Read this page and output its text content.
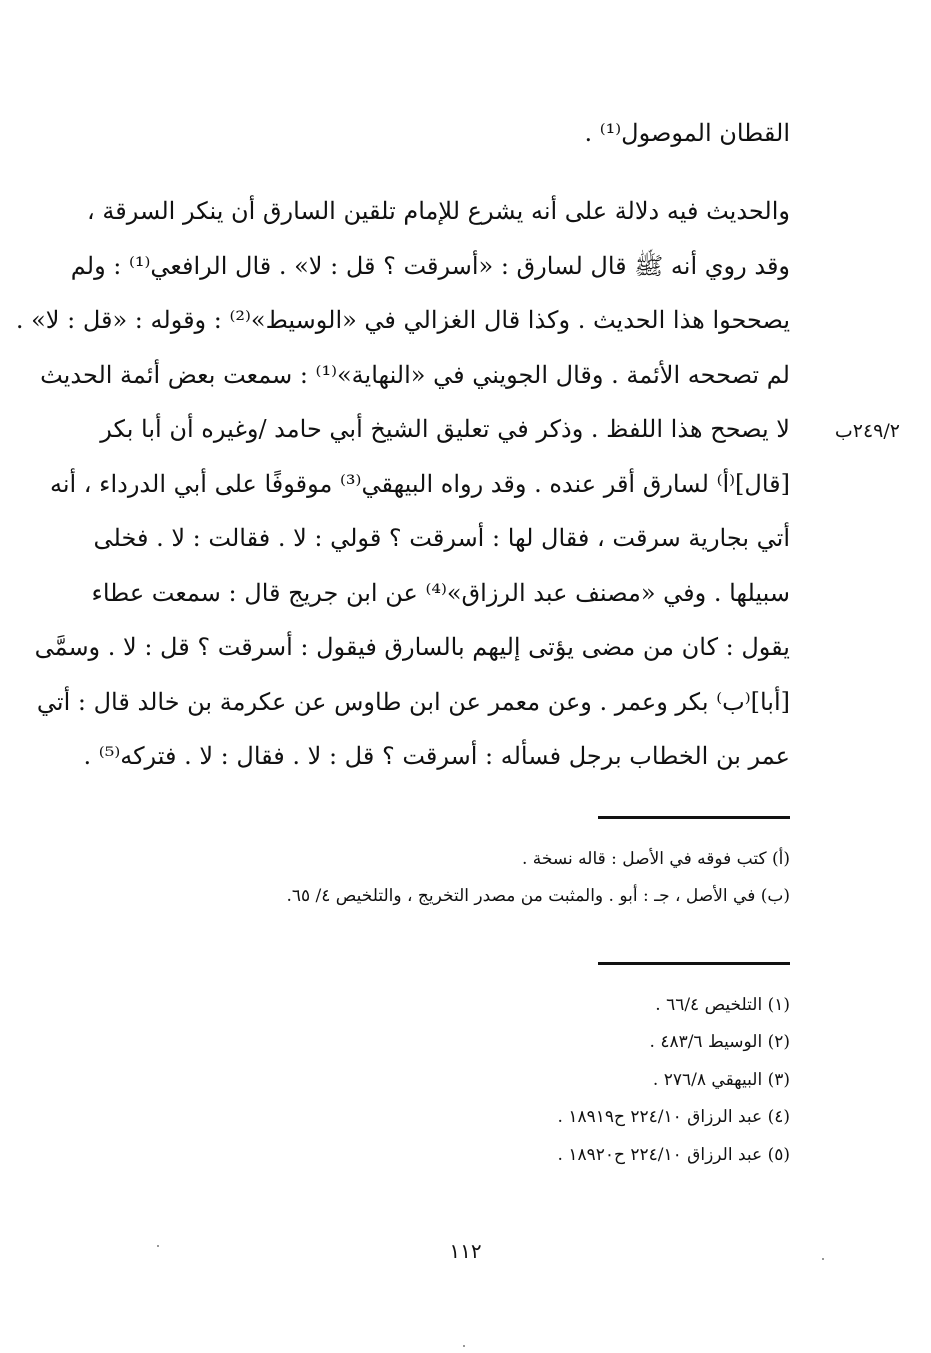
القطان الموصول⁽¹⁾ .
والحديث فيه دلالة على أنه يشرع للإمام تلقين السارق أن ينكر السرقة ،
وقد روي أنه ﷺ قال لسارق : «أسرقت ؟ قل : لا» . قال الرافعي⁽¹⁾ : ولم
يصححوا هذا الحديث . وكذا قال الغزالي في «الوسيط»⁽²⁾ : وقوله : «قل : لا» .
لم تصححه الأئمة . وقال الجويني في «النهاية»⁽¹⁾ : سمعت بعض أئمة الحديث
لا يصحح هذا اللفظ . وذكر في تعليق الشيخ أبي حامد /وغيره أن أبا بكر
[قال]⁽أ⁾ لسارق أقر عنده . وقد رواه البيهقي⁽³⁾ موقوفًا على أبي الدرداء ، أنه
أتي بجارية سرقت ، فقال لها : أسرقت ؟ قولي : لا . فقالت : لا . فخلى
سبيلها . وفي «مصنف عبد الرزاق»⁽⁴⁾ عن ابن جريج قال : سمعت عطاء
يقول : كان من مضى يؤتى إليهم بالسارق فيقول : أسرقت ؟ قل : لا . وسمَّى
[أبا]⁽ب⁾ بكر وعمر . وعن معمر عن ابن طاوس عن عكرمة بن خالد قال : أتي
عمر بن الخطاب برجل فسأله : أسرقت ؟ قل : لا . فقال : لا . فتركه⁽⁵⁾ .
٢٤٩/٢ب
(أ) كتب فوقه في الأصل : قاله نسخة .
(ب) في الأصل ، جـ : أبو . والمثبت من مصدر التخريج ، والتلخيص ٤/ ٦٥.
(١) التلخيص ٦٦/٤ .
(٢) الوسيط ٤٨٣/٦ .
(٣) البيهقي ٢٧٦/٨ .
(٤) عبد الرزاق ٢٢٤/١٠ ح١٨٩١٩ .
(٥) عبد الرزاق ٢٢٤/١٠ ح١٨٩٢٠ .
١١٢
